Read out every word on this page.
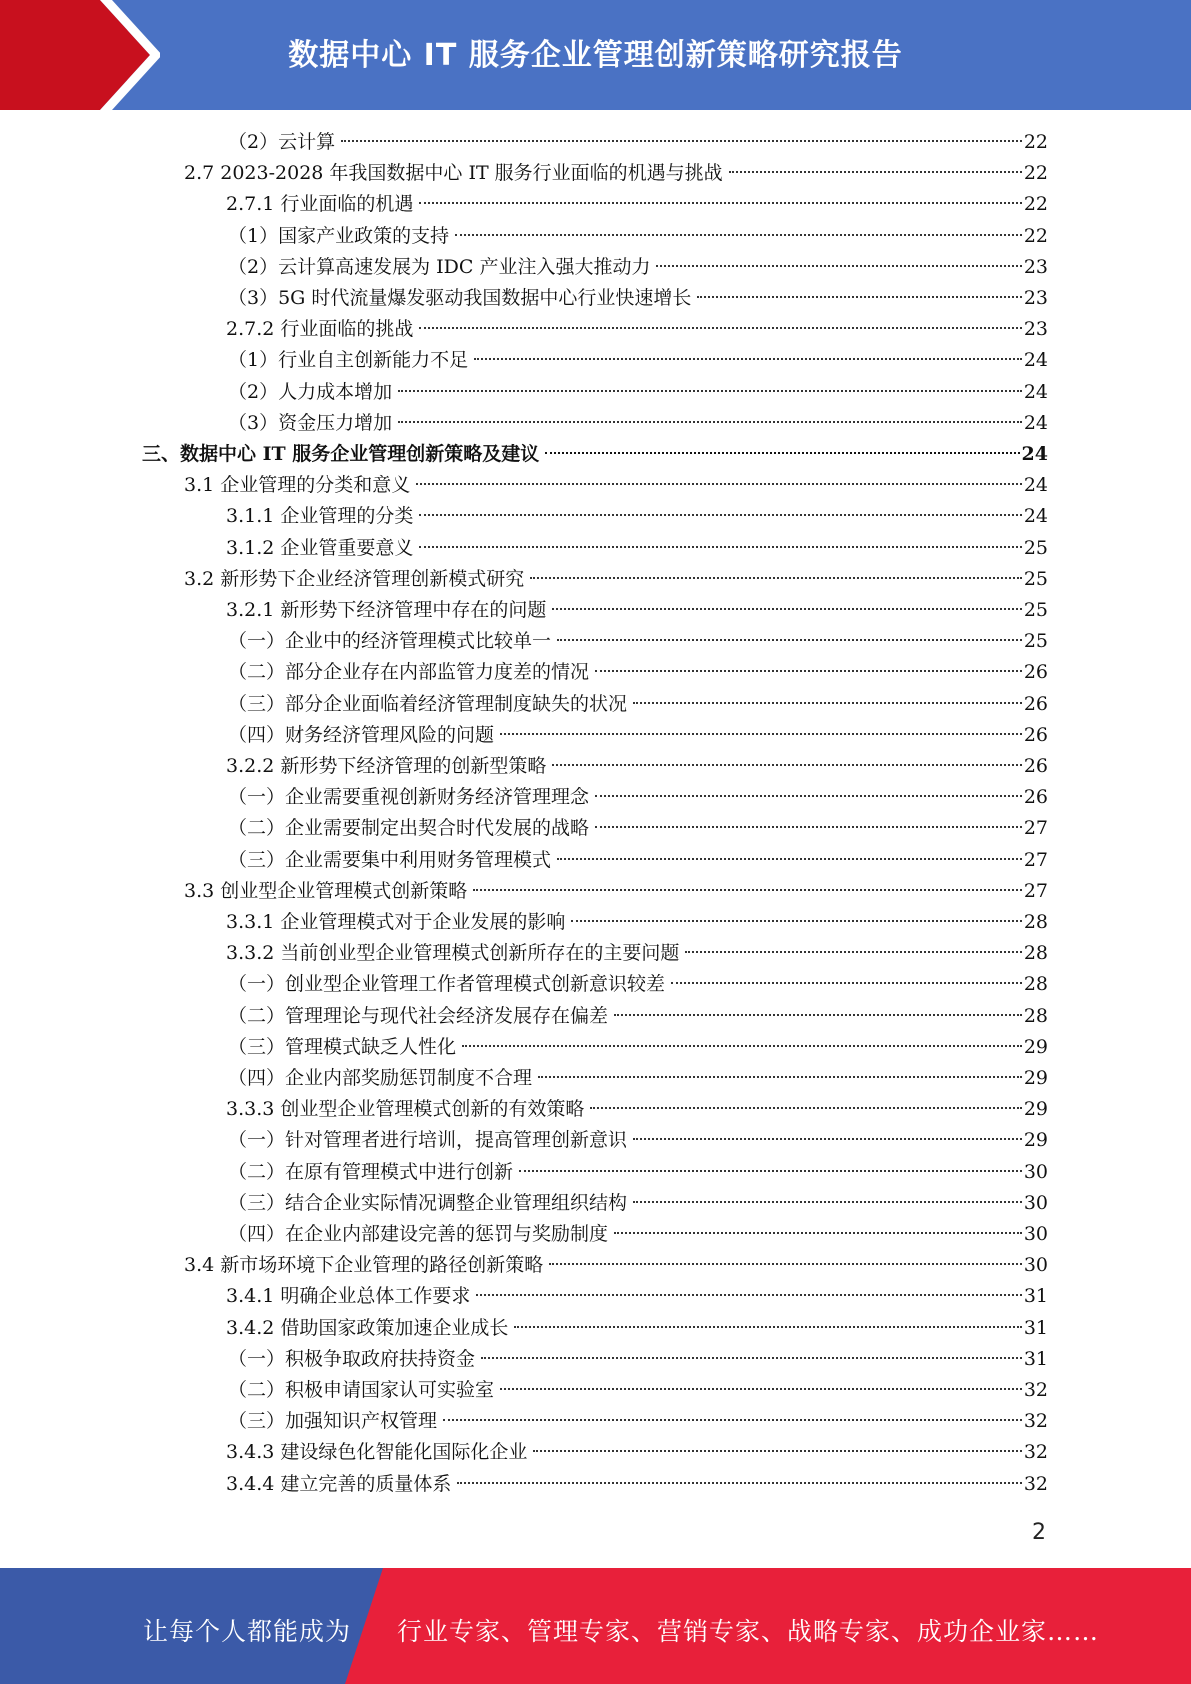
数据中心 IT 服务企业管理创新策略研究报告
（2）云计算	22
2.7 2023-2028 年我国数据中心 IT 服务行业面临的机遇与挑战	22
2.7.1 行业面临的机遇	22
（1）国家产业政策的支持	22
（2）云计算高速发展为 IDC 产业注入强大推动力	23
（3）5G 时代流量爆发驱动我国数据中心行业快速增长	23
2.7.2 行业面临的挑战	23
（1）行业自主创新能力不足	24
（2）人力成本增加	24
（3）资金压力增加	24
三、数据中心 IT 服务企业管理创新策略及建议	24
3.1 企业管理的分类和意义	24
3.1.1 企业管理的分类	24
3.1.2 企业管重要意义	25
3.2 新形势下企业经济管理创新模式研究	25
3.2.1 新形势下经济管理中存在的问题	25
（一）企业中的经济管理模式比较单一	25
（二）部分企业存在内部监管力度差的情况	26
（三）部分企业面临着经济管理制度缺失的状况	26
（四）财务经济管理风险的问题	26
3.2.2 新形势下经济管理的创新型策略	26
（一）企业需要重视创新财务经济管理理念	26
（二）企业需要制定出契合时代发展的战略	27
（三）企业需要集中利用财务管理模式	27
3.3 创业型企业管理模式创新策略	27
3.3.1 企业管理模式对于企业发展的影响	28
3.3.2 当前创业型企业管理模式创新所存在的主要问题	28
（一）创业型企业管理工作者管理模式创新意识较差	28
（二）管理理论与现代社会经济发展存在偏差	28
（三）管理模式缺乏人性化	29
（四）企业内部奖励惩罚制度不合理	29
3.3.3 创业型企业管理模式创新的有效策略	29
（一）针对管理者进行培训，提高管理创新意识	29
（二）在原有管理模式中进行创新	30
（三）结合企业实际情况调整企业管理组织结构	30
（四）在企业内部建设完善的惩罚与奖励制度	30
3.4 新市场环境下企业管理的路径创新策略	30
3.4.1 明确企业总体工作要求	31
3.4.2 借助国家政策加速企业成长	31
（一）积极争取政府扶持资金	31
（二）积极申请国家认可实验室	32
（三）加强知识产权管理	32
3.4.3 建设绿色化智能化国际化企业	32
3.4.4 建立完善的质量体系	32
2
让每个人都能成为 行业专家、管理专家、营销专家、战略专家、成功企业家……
